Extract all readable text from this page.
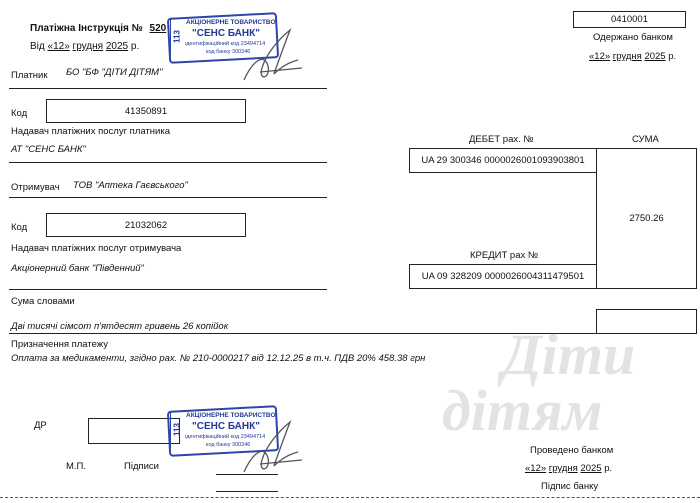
Діти
дітям
Платіжна Інструкція № 520
Від «12» грудня 2025 р.
113
АКЦІОНЕРНЕ ТОВАРИСТВО
"СЕНС БАНК"
ідентифікаційний код 23494714
код банку 300346
0410001
Одержано банком
«12» грудня 2025 р.
Платник БО "БФ "ДІТИ ДІТЯМ"
Код	41350891
Надавач платіжних послуг платника
АТ "СЕНС БАНК"
Отримувач ТОВ "Аптека Гаєвського"
Код	21032062
Надавач платіжних послуг отримувача
Акціонерний банк "Південний"
ДЕБЕТ рах. №	СУМА
UA 29 300346 0000026001093903801
2750.26
КРЕДИТ рах №
UA 09 328209 0000026004311479501
Сума словами
Дві тисячі сімсот п'ятдесят гривень 26 копійок
Призначення платежу
Оплата за медикаменти, згідно рах. № 210-0000217 від 12.12.25 в т.ч. ПДВ 20% 458.38 грн
ДР
М.П.	Підписи
113
АКЦІОНЕРНЕ ТОВАРИСТВО
"СЕНС БАНК"
ідентифікаційний код 23494714
код банку 300346	Проведено банком
«12» грудня 2025 р.
Підпис банку
